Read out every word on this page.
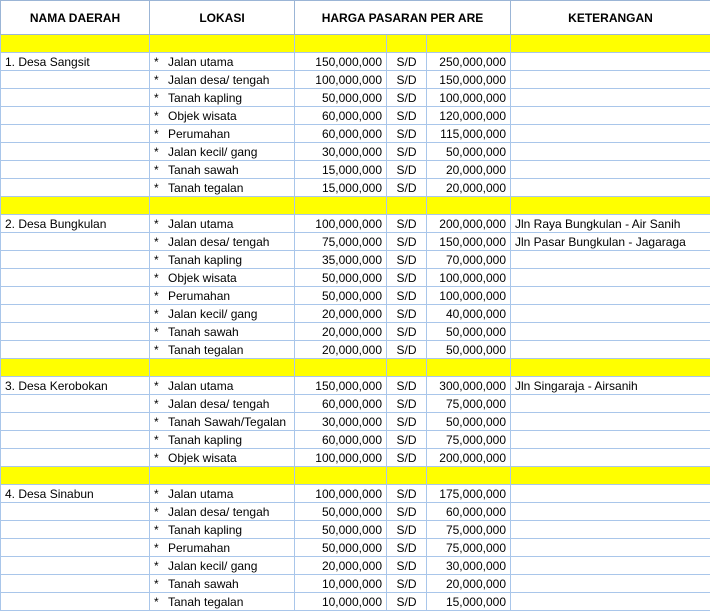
NAMA DAERAH	LOKASI	HARGA PASARAN PER ARE			KETERANGAN

1. Desa Sangsit	* Jalan utama	150,000,000	S/D	250,000,000	
	* Jalan desa/ tengah	100,000,000	S/D	150,000,000	
	* Tanah kapling	50,000,000	S/D	100,000,000	
	* Objek wisata	60,000,000	S/D	120,000,000	
	* Perumahan	60,000,000	S/D	115,000,000	
	* Jalan kecil/ gang	30,000,000	S/D	50,000,000	
	* Tanah sawah	15,000,000	S/D	20,000,000	
	* Tanah tegalan	15,000,000	S/D	20,000,000	

2. Desa Bungkulan	* Jalan utama	100,000,000	S/D	200,000,000	Jln Raya Bungkulan - Air Sanih
	* Jalan desa/ tengah	75,000,000	S/D	150,000,000	Jln Pasar Bungkulan - Jagaraga
	* Tanah kapling	35,000,000	S/D	70,000,000	
	* Objek wisata	50,000,000	S/D	100,000,000	
	* Perumahan	50,000,000	S/D	100,000,000	
	* Jalan kecil/ gang	20,000,000	S/D	40,000,000	
	* Tanah sawah	20,000,000	S/D	50,000,000	
	* Tanah tegalan	20,000,000	S/D	50,000,000	

3. Desa Kerobokan	* Jalan utama	150,000,000	S/D	300,000,000	Jln Singaraja - Airsanih
	* Jalan desa/ tengah	60,000,000	S/D	75,000,000	
	* Tanah Sawah/Tegalan	30,000,000	S/D	50,000,000	
	* Tanah kapling	60,000,000	S/D	75,000,000	
	* Objek wisata	100,000,000	S/D	200,000,000	

4. Desa Sinabun	* Jalan utama	100,000,000	S/D	175,000,000	
	* Jalan desa/ tengah	50,000,000	S/D	60,000,000	
	* Tanah kapling	50,000,000	S/D	75,000,000	
	* Perumahan	50,000,000	S/D	75,000,000	
	* Jalan kecil/ gang	20,000,000	S/D	30,000,000	
	* Tanah sawah	10,000,000	S/D	20,000,000	
	* Tanah tegalan	10,000,000	S/D	15,000,000	
